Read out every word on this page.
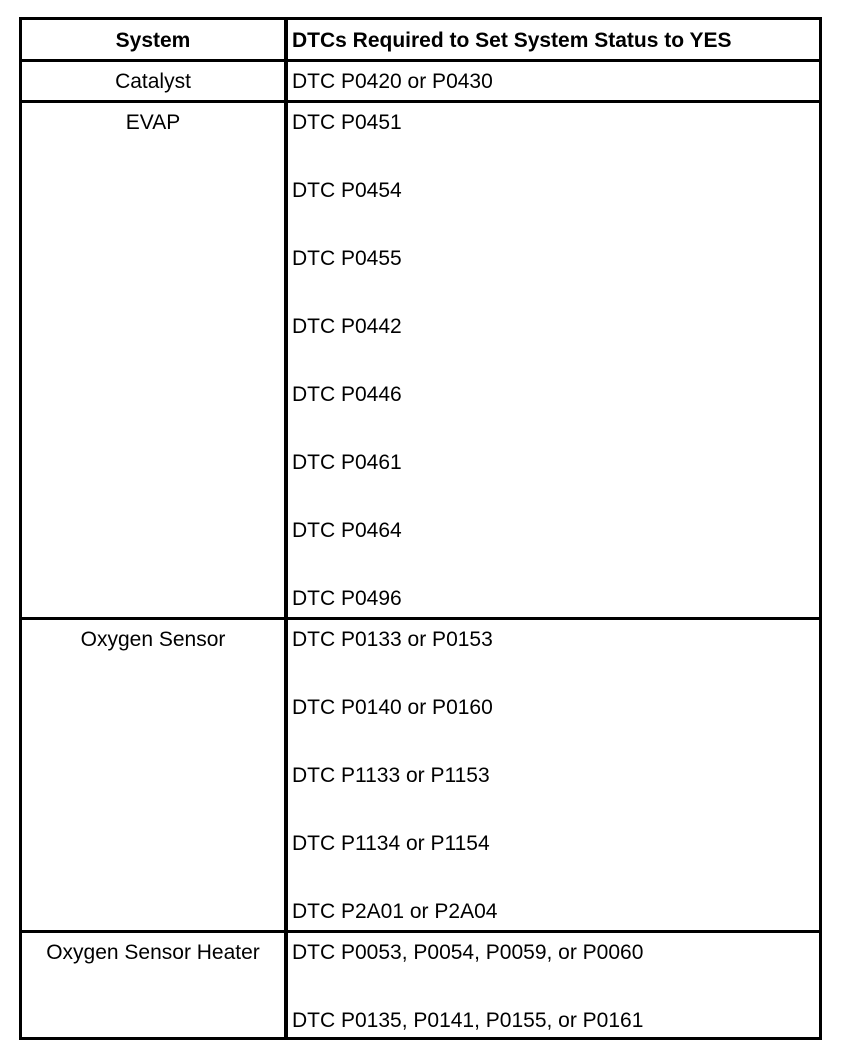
System	DTCs Required to Set System Status to YES
Catalyst	DTC P0420 or P0430
EVAP	DTC P0451
DTC P0454
DTC P0455
DTC P0442
DTC P0446
DTC P0461
DTC P0464
DTC P0496
Oxygen Sensor	DTC P0133 or P0153
DTC P0140 or P0160
DTC P1133 or P1153
DTC P1134 or P1154
DTC P2A01 or P2A04
Oxygen Sensor Heater	DTC P0053, P0054, P0059, or P0060
DTC P0135, P0141, P0155, or P0161
